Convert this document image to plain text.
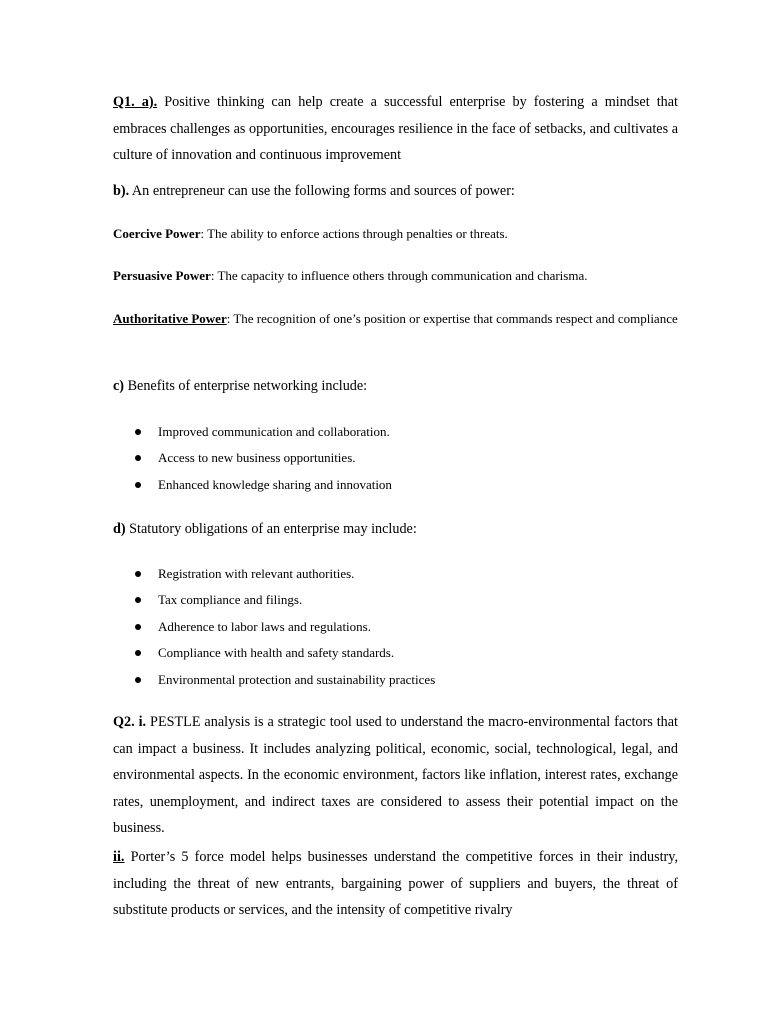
Q1. a). Positive thinking can help create a successful enterprise by fostering a mindset that embraces challenges as opportunities, encourages resilience in the face of setbacks, and cultivates a culture of innovation and continuous improvement
b). An entrepreneur can use the following forms and sources of power:
Coercive Power: The ability to enforce actions through penalties or threats.
Persuasive Power: The capacity to influence others through communication and charisma.
Authoritative Power: The recognition of one’s position or expertise that commands respect and compliance
c) Benefits of enterprise networking include:
Improved communication and collaboration.
Access to new business opportunities.
Enhanced knowledge sharing and innovation
d) Statutory obligations of an enterprise may include:
Registration with relevant authorities.
Tax compliance and filings.
Adherence to labor laws and regulations.
Compliance with health and safety standards.
Environmental protection and sustainability practices
Q2. i. PESTLE analysis is a strategic tool used to understand the macro-environmental factors that can impact a business. It includes analyzing political, economic, social, technological, legal, and environmental aspects. In the economic environment, factors like inflation, interest rates, exchange rates, unemployment, and indirect taxes are considered to assess their potential impact on the business.
ii. Porter’s 5 force model helps businesses understand the competitive forces in their industry, including the threat of new entrants, bargaining power of suppliers and buyers, the threat of substitute products or services, and the intensity of competitive rivalry
